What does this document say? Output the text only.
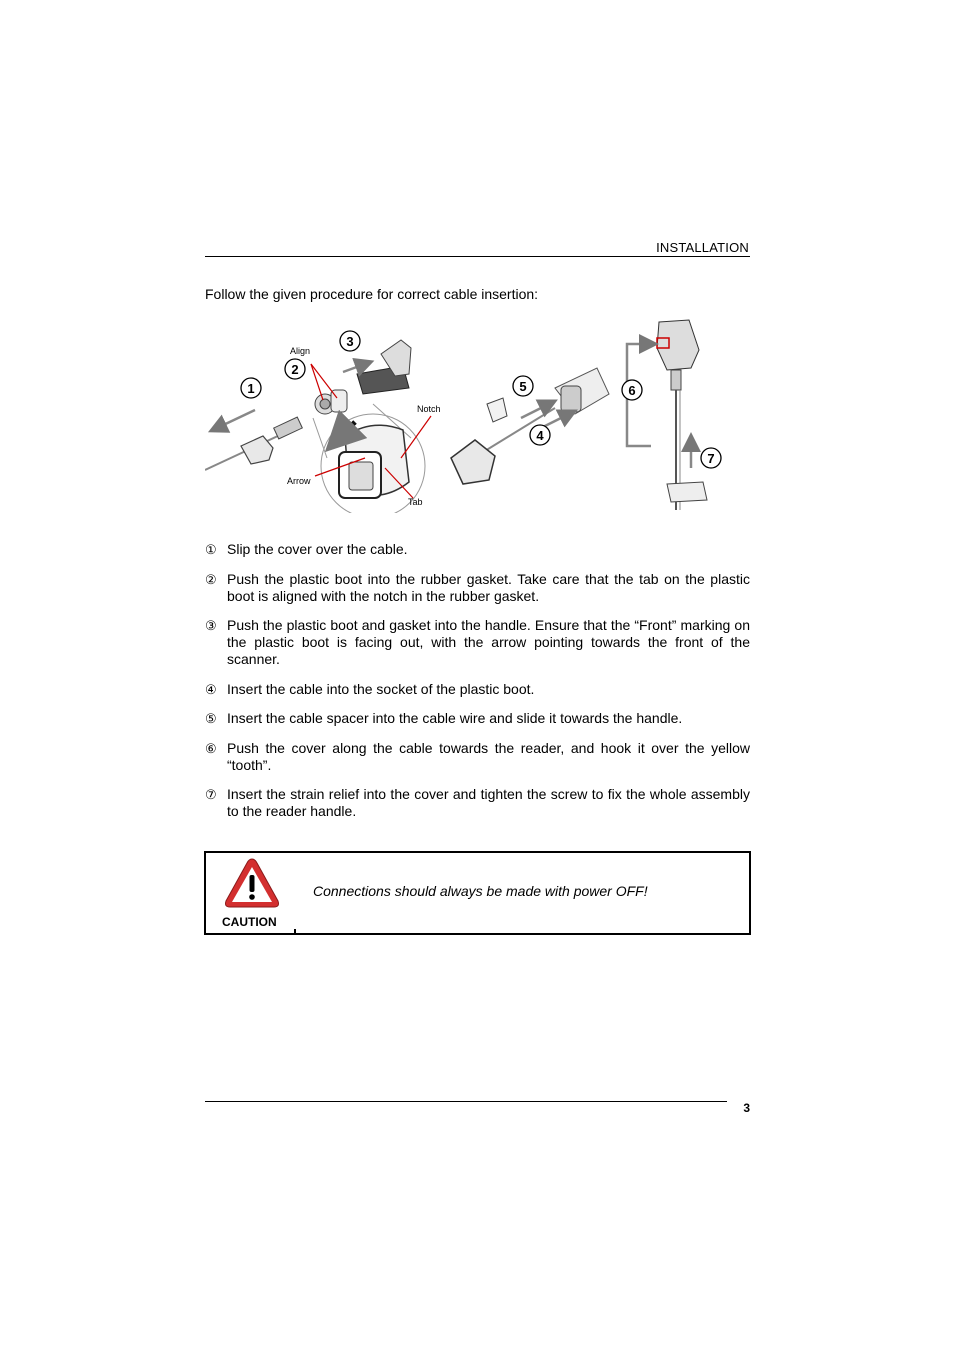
INSTALLATION
Follow the given procedure for correct cable insertion:
Align
Notch
Arrow
Tab
1
2
3
4
5	6
7
① Slip the cover over the cable.
② Push the plastic boot into the rubber gasket. Take care that the tab on the plastic boot is aligned with the notch in the rubber gasket.
③ Push the plastic boot and gasket into the handle. Ensure that the “Front” marking on the plastic boot is facing out, with the arrow pointing towards the front of the scanner.
④ Insert the cable into the socket of the plastic boot.
⑤ Insert the cable spacer into the cable wire and slide it towards the handle.
⑥ Push the cover along the cable towards the reader, and hook it over the yellow “tooth”.
⑦ Insert the strain relief into the cover and tighten the screw to fix the whole assembly to the reader handle.
CAUTION
Connections should always be made with power OFF!
3
